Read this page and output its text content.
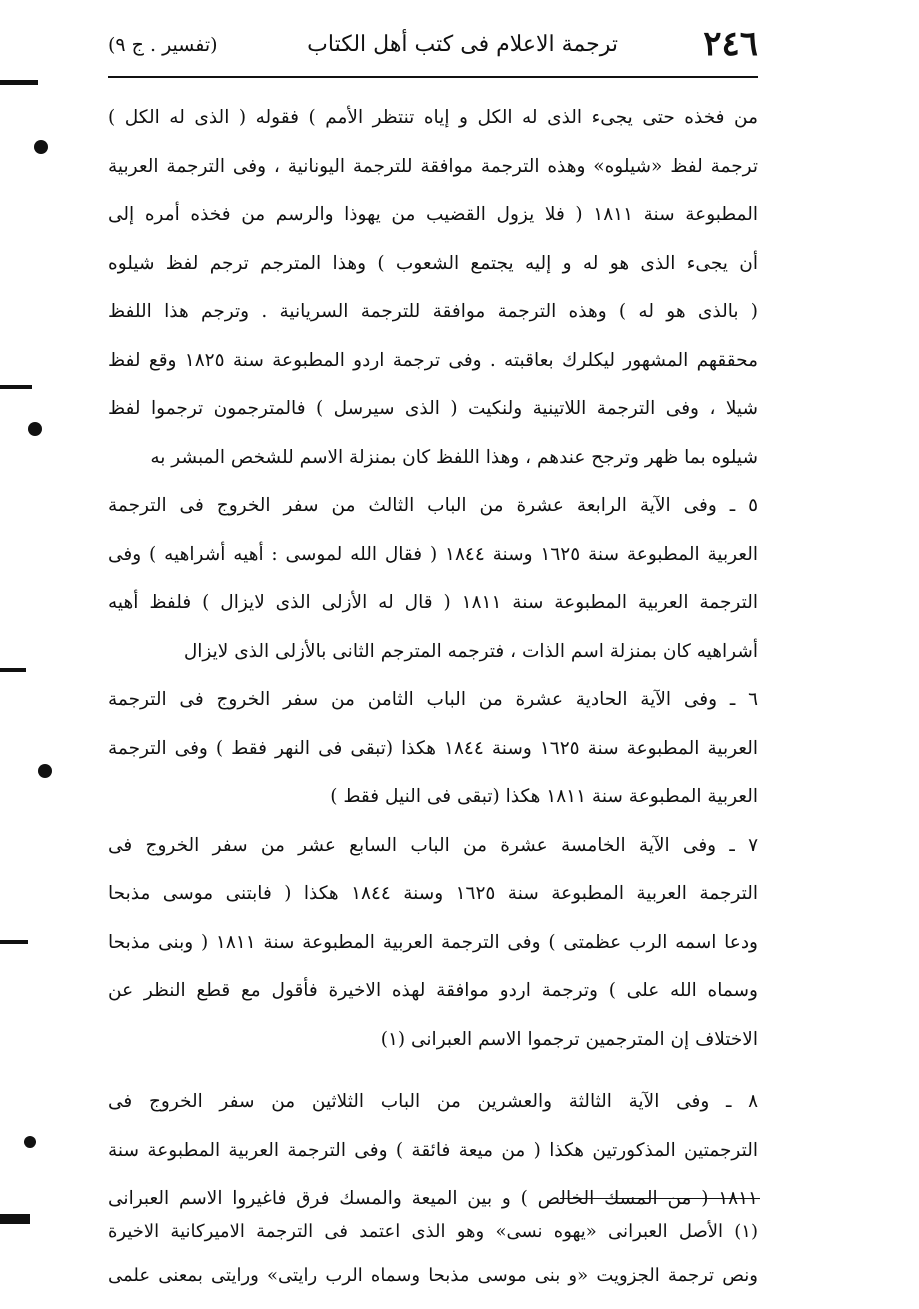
٢٤٦
ترجمة الاعلام فى كتب أهل الكتاب
(تفسير . ج ٩)
من فخذه حتى يجىء الذى له الكل و إياه تنتظر الأمم ) فقوله ( الذى له الكل )
ترجمة لفظ «شيلوه» وهذه الترجمة موافقة للترجمة اليونانية ، وفى الترجمة العربية
المطبوعة سنة ١٨١١ ( فلا يزول القضيب من يهوذا والرسم من فخذه أمره إلى
أن يجىء الذى هو له و إليه يجتمع الشعوب ) وهذا المترجم ترجم لفظ شيلوه
( بالذى هو له ) وهذه الترجمة موافقة للترجمة السريانية . وترجم هذا اللفظ
محققهم المشهور ليكلرك بعاقبته . وفى ترجمة اردو المطبوعة سنة ١٨٢٥ وقع لفظ
شيلا ، وفى الترجمة اللاتينية ولنكيت ( الذى سيرسل ) فالمترجمون ترجموا لفظ
شيلوه بما ظهر وترجح عندهم ، وهذا اللفظ كان بمنزلة الاسم للشخص المبشر به
٥ ـ وفى الآية الرابعة عشرة من الباب الثالث من سفر الخروج فى الترجمة
العربية المطبوعة سنة ١٦٢٥ وسنة ١٨٤٤ ( فقال الله لموسى : أهيه أشراهيه ) وفى
الترجمة العربية المطبوعة سنة ١٨١١ ( قال له الأزلى الذى لايزال ) فلفظ أهيه
أشراهيه كان بمنزلة اسم الذات ، فترجمه المترجم الثانى بالأزلى الذى لايزال
٦ ـ وفى الآية الحادية عشرة من الباب الثامن من سفر الخروج فى الترجمة
العربية المطبوعة سنة ١٦٢٥ وسنة ١٨٤٤ هكذا (تبقى فى النهر فقط ) وفى الترجمة
العربية المطبوعة سنة ١٨١١ هكذا (تبقى فى النيل فقط )
٧ ـ وفى الآية الخامسة عشرة من الباب السابع عشر من سفر الخروج فى
الترجمة العربية المطبوعة سنة ١٦٢٥ وسنة ١٨٤٤ هكذا ( فابتنى موسى مذبحا
ودعا اسمه الرب عظمتى ) وفى الترجمة العربية المطبوعة سنة ١٨١١ ( وبنى مذبحا
وسماه الله على ) وترجمة اردو موافقة لهذه الاخيرة فأقول مع قطع النظر عن
الاختلاف إن المترجمين ترجموا الاسم العبرانى (١)
٨ ـ وفى الآية الثالثة والعشرين من الباب الثلاثين من سفر الخروج فى
الترجمتين المذكورتين هكذا ( من ميعة فائقة ) وفى الترجمة العربية المطبوعة سنة
١٨١١ ( من المسك الخالص ) و بين الميعة والمسك فرق فاغيروا الاسم العبرانى
(١) الأصل العبرانى «يهوه نسى» وهو الذى اعتمد فى الترجمة الاميركانية الاخيرة
ونص ترجمة الجزويت «و بنى موسى مذبحا وسماه الرب رايتى» ورايتى بمعنى علمى
